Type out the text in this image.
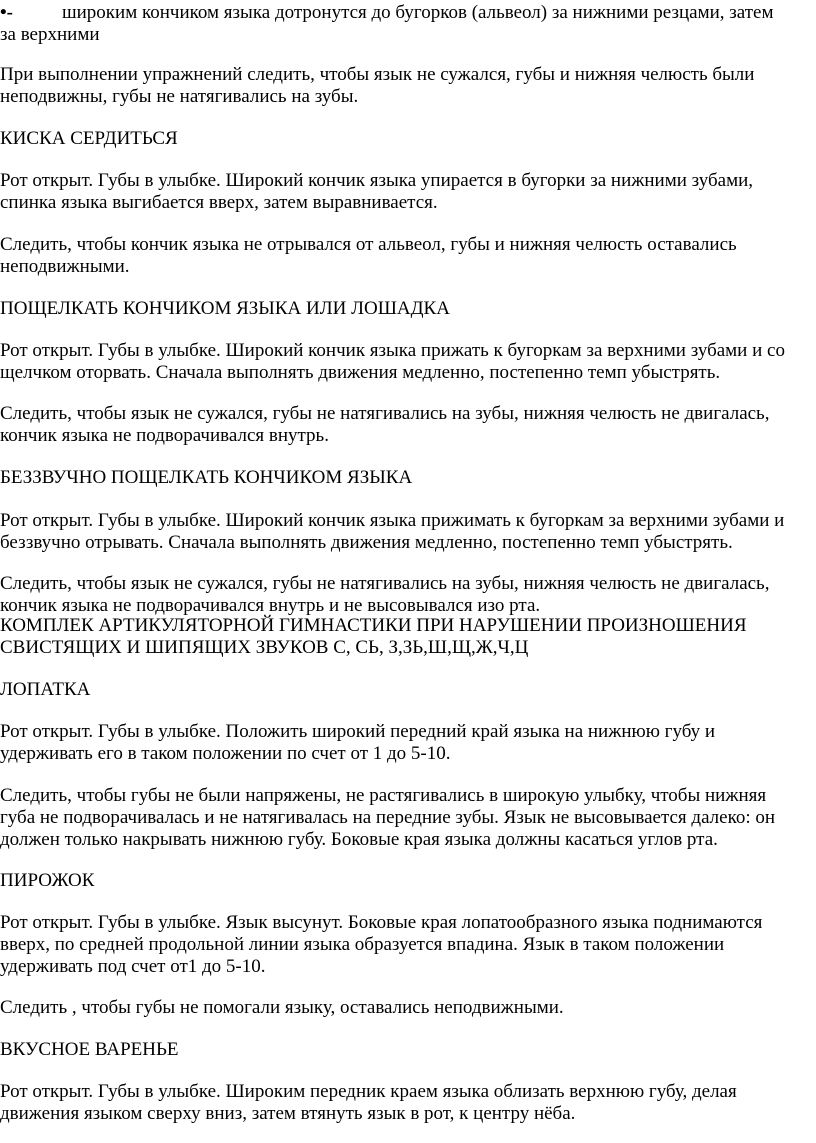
•-	широким кончиком языка дотронутся до бугорков (альвеол) за нижними резцами, затем
за верхними

При выполнении упражнений следить, чтобы язык не сужался, губы и нижняя челюсть были неподвижны, губы не натягивались на зубы.

КИСКА СЕРДИТЬСЯ

Рот открыт. Губы в улыбке. Широкий кончик языка упирается в бугорки за нижними зубами, спинка языка выгибается вверх, затем выравнивается.

Следить, чтобы кончик языка не отрывался от альвеол, губы и нижняя челюсть оставались неподвижными.

ПОЩЕЛКАТЬ КОНЧИКОМ ЯЗЫКА ИЛИ ЛОШАДКА

Рот открыт. Губы в улыбке. Широкий кончик языка прижать к бугоркам за верхними зубами и со щелчком оторвать. Сначала выполнять движения медленно, постепенно темп убыстрять.

Следить, чтобы язык не сужался, губы не натягивались на зубы, нижняя челюсть не двигалась, кончик языка не подворачивался внутрь.

БЕЗЗВУЧНО ПОЩЕЛКАТЬ КОНЧИКОМ ЯЗЫКА

Рот открыт. Губы в улыбке. Широкий кончик языка прижимать к бугоркам за верхними зубами и беззвучно отрывать. Сначала выполнять движения медленно, постепенно темп убыстрять.

Следить, чтобы язык не сужался, губы не натягивались на зубы, нижняя челюсть не двигалась, кончик языка не подворачивался внутрь и не высовывался изо рта.

КОМПЛЕК АРТИКУЛЯТОРНОЙ ГИМНАСТИКИ ПРИ НАРУШЕНИИ ПРОИЗНОШЕНИЯ СВИСТЯЩИХ И ШИПЯЩИХ ЗВУКОВ С, СЬ, З,ЗЬ,Ш,Щ,Ж,Ч,Ц

ЛОПАТКА

Рот открыт. Губы в улыбке. Положить широкий передний край языка на нижнюю губу и удерживать его в таком положении по счет от 1 до 5-10.

Следить, чтобы губы не были напряжены, не растягивались в широкую улыбку, чтобы нижняя губа не подворачивалась и не натягивалась на передние зубы. Язык не высовывается далеко: он должен только накрывать нижнюю губу. Боковые края языка должны касаться углов рта.

ПИРОЖОК

Рот открыт. Губы в улыбке. Язык высунут. Боковые края лопатообразного языка поднимаются вверх, по средней продольной линии языка образуется впадина. Язык в таком положении удерживать под счет от1 до 5-10.

Следить , чтобы губы не помогали языку, оставались неподвижными.

ВКУСНОЕ ВАРЕНЬЕ

Рот открыт. Губы в улыбке. Широким передник краем языка облизать верхнюю губу, делая движения языком сверху вниз, затем втянуть язык в рот, к центру нёба.
